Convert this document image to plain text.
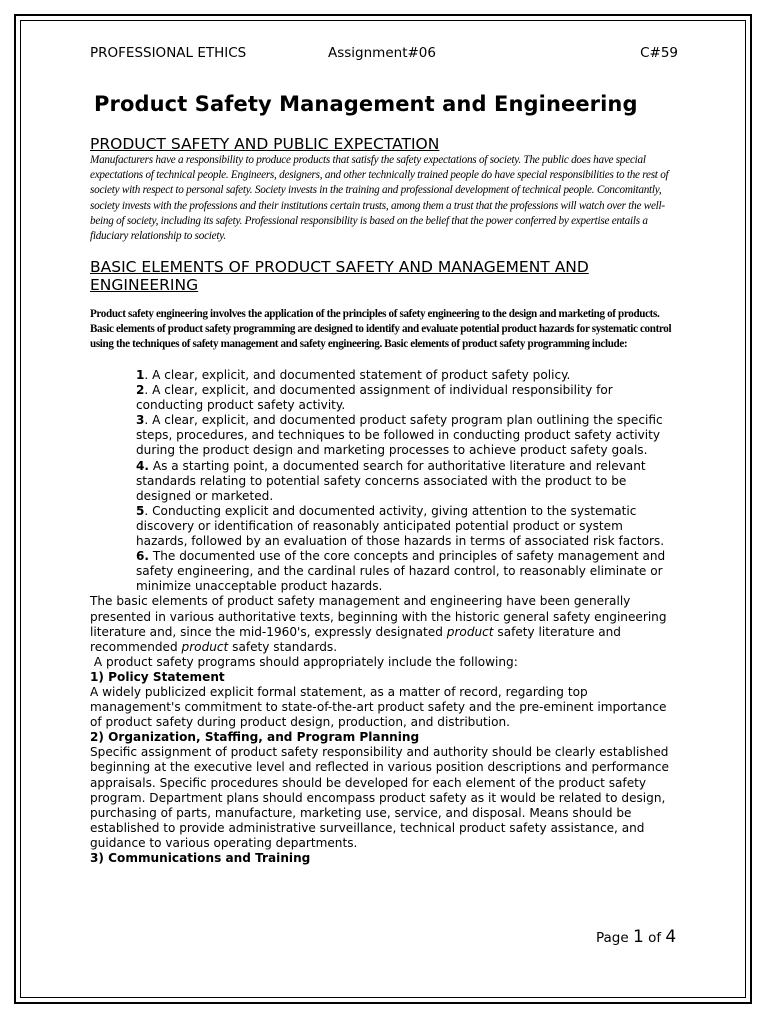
PROFESSIONAL ETHICS	Assignment#06	C#59
Product Safety Management and Engineering
PRODUCT SAFETY AND PUBLIC EXPECTATION
Manufacturers have a responsibility to produce products that satisfy the safety expectations of society. The public does have special expectations of technical people. Engineers, designers, and other technically trained people do have special responsibilities to the rest of society with respect to personal safety. Society invests in the training and professional development of technical people. Concomitantly, society invests with the professions and their institutions certain trusts, among them a trust that the professions will watch over the well-being of society, including its safety. Professional responsibility is based on the belief that the power conferred by expertise entails a fiduciary relationship to society.
BASIC ELEMENTS OF PRODUCT SAFETY AND MANAGEMENT AND
ENGINEERING
Product safety engineering involves the application of the principles of safety engineering to the design and marketing of products. Basic elements of product safety programming are designed to identify and evaluate potential product hazards for systematic control using the techniques of safety management and safety engineering. Basic elements of product safety programming include:

1. A clear, explicit, and documented statement of product safety policy.

2. A clear, explicit, and documented assignment of individual responsibility for conducting product safety activity.

3. A clear, explicit, and documented product safety program plan outlining the specific steps, procedures, and techniques to be followed in conducting product safety activity during the product design and marketing processes to achieve product safety goals.

4. As a starting point, a documented search for authoritative literature and relevant standards relating to potential safety concerns associated with the product to be designed or marketed.

5. Conducting explicit and documented activity, giving attention to the systematic discovery or identification of reasonably anticipated potential product or system hazards, followed by an evaluation of those hazards in terms of associated risk factors.

6. The documented use of the core concepts and principles of safety management and safety engineering, and the cardinal rules of hazard control, to reasonably eliminate or minimize unacceptable product hazards.

The basic elements of product safety management and engineering have been generally presented in various authoritative texts, beginning with the historic general safety engineering literature and, since the mid-1960's, expressly designated product safety literature and recommended product safety standards.

A product safety programs should appropriately include the following:

1) Policy Statement

A widely publicized explicit formal statement, as a matter of record, regarding top management's commitment to state-of-the-art product safety and the pre-eminent importance of product safety during product design, production, and distribution.

2) Organization, Staffing, and Program Planning

Specific assignment of product safety responsibility and authority should be clearly established beginning at the executive level and reflected in various position descriptions and performance appraisals. Specific procedures should be developed for each element of the product safety program. Department plans should encompass product safety as it would be related to design, purchasing of parts, manufacture, marketing use, service, and disposal. Means should be established to provide administrative surveillance, technical product safety assistance, and guidance to various operating departments.

3) Communications and Training

Page 1 of 4
